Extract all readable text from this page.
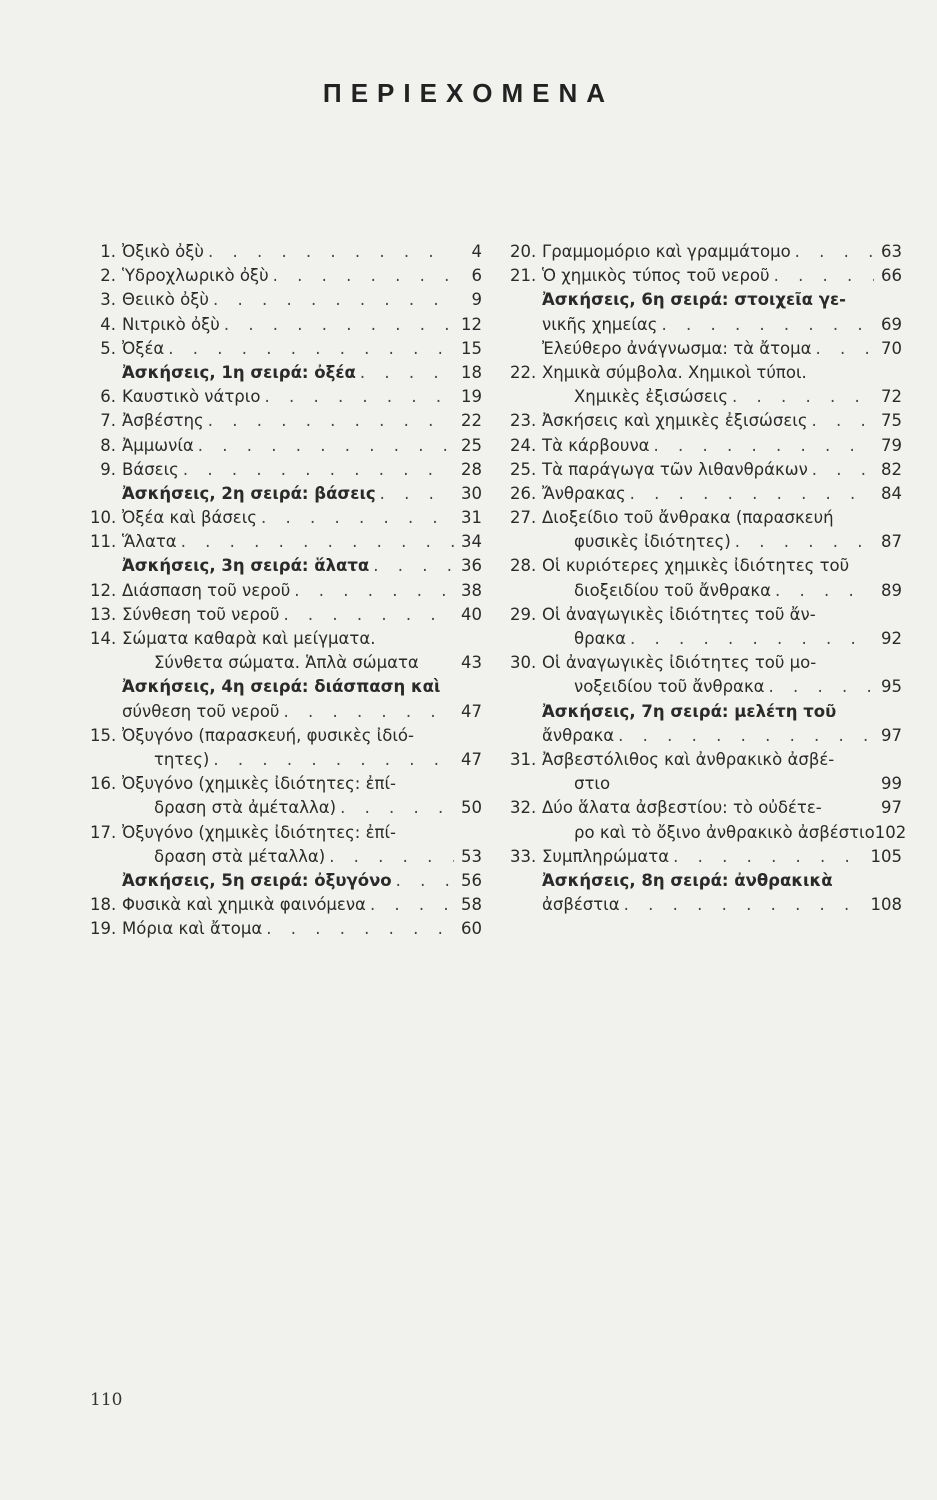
ΠΕΡΙΕΧΟΜΕΝΑ
1. Ὀξικὸ ὀξὺ . . .	4
2. Ὑδροχλωρικὸ ὀξὺ . . .	6
3. Θειικὸ ὀξὺ . . .	9
4. Νιτρικὸ ὀξὺ . . .	12
5. Ὀξέα . . .	15
Ἀσκήσεις, 1η σειρά: ὀξέα . . .	18
6. Καυστικὸ νάτριο . . .	19
7. Ἀσβέστης . . .	22
8. Ἀμμωνία . . .	25
9. Βάσεις . . .	28
Ἀσκήσεις, 2η σειρά: βάσεις . . .	30
10. Ὀξέα καὶ βάσεις . . .	31
11. Ἅλατα . . .	34
Ἀσκήσεις, 3η σειρά: ἅλατα . . .	36
12. Διάσπαση τοῦ νεροῦ . . .	38
13. Σύνθεση τοῦ νεροῦ . . .	40
14. Σώματα καθαρὰ καὶ μείγματα.
Σύνθετα σώματα. Ἁπλὰ σώματα	43
Ἀσκήσεις, 4η σειρά: διάσπαση καὶ
σύνθεση τοῦ νεροῦ . . .	47
15. Ὀξυγόνο (παρασκευή, φυσικὲς ἰδιό-
τητες) . . .	47
16. Ὀξυγόνο (χημικὲς ἰδιότητες: ἐπί-
δραση στὰ ἀμέταλλα) . . .	50
17. Ὀξυγόνο (χημικὲς ἰδιότητες: ἐπί-
δραση στὰ μέταλλα) . . .	53
Ἀσκήσεις, 5η σειρά: ὀξυγόνο . . .	56
18. Φυσικὰ καὶ χημικὰ φαινόμενα . . .	58
19. Μόρια καὶ ἄτομα . . .	60
20. Γραμμομόριο καὶ γραμμάτομο . . .	63
21. Ὁ χημικὸς τύπος τοῦ νεροῦ . . .	66
Ἀσκήσεις, 6η σειρά: στοιχεῖα γε-
νικῆς χημείας . . .	69
Ἐλεύθερο ἀνάγνωσμα: τὰ ἄτομα . . .	70
22. Χημικὰ σύμβολα. Χημικοὶ τύποι.
Χημικὲς ἐξισώσεις . . .	72
23. Ἀσκήσεις καὶ χημικὲς ἐξισώσεις . . .	75
24. Τὰ κάρβουνα . . .	79
25. Τὰ παράγωγα τῶν λιθανθράκων . . .	82
26. Ἄνθρακας . . .	84
27. Διοξείδιο τοῦ ἄνθρακα (παρασκευή
φυσικὲς ἰδιότητες) . . .	87
28. Οἱ κυριότερες χημικὲς ἰδιότητες τοῦ
διοξειδίου τοῦ ἄνθρακα . . .	89
29. Οἱ ἀναγωγικὲς ἰδιότητες τοῦ ἄν-
θρακα . . .	92
30. Οἱ ἀναγωγικὲς ἰδιότητες τοῦ μο-
νοξειδίου τοῦ ἄνθρακα . . .	95
Ἀσκήσεις, 7η σειρά: μελέτη τοῦ
ἄνθρακα . . .	97
31. Ἀσβεστόλιθος καὶ ἀνθρακικὸ ἀσβέ-
στιο	99
32. Δύο ἅλατα ἀσβεστίου: τὸ οὐδέτε-	97
ρο καὶ τὸ ὄξινο ἀνθρακικὸ ἀσβέστιο 102
33. Συμπληρώματα . . .	105
Ἀσκήσεις, 8η σειρά: ἀνθρακικὰ
ἀσβέστια . . .	108
110
